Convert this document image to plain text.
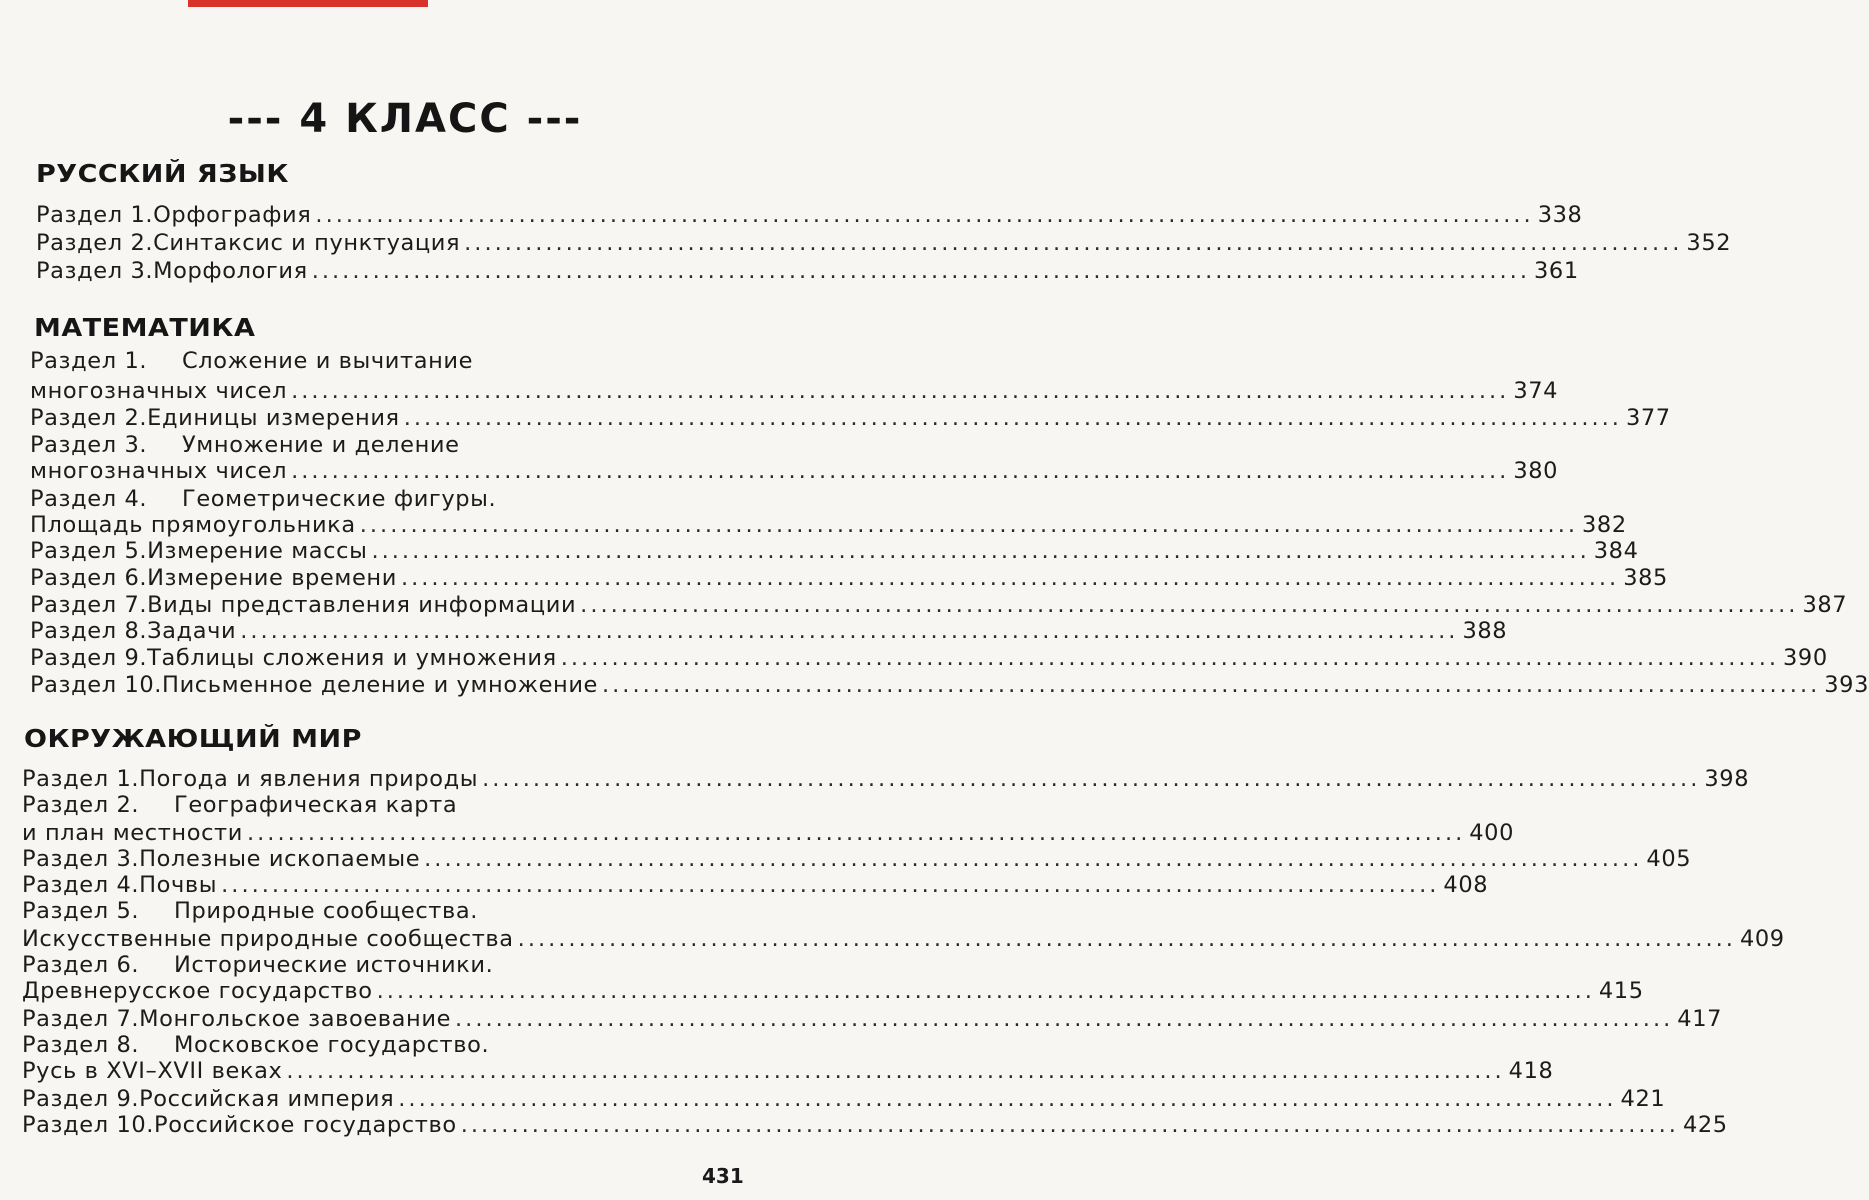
--- 4 КЛАСС ---
РУССКИЙ ЯЗЫК
Раздел 1. Орфография ........................................................................................................................ 338
Раздел 2. Синтаксис и пунктуация ........................................................................................................................ 352
Раздел 3. Морфология ........................................................................................................................ 361
МАТЕМАТИКА
Раздел 1.	Сложение и вычитание
многозначных чисел ........................................................................................................................ 374
Раздел 2. Единицы измерения ........................................................................................................................ 377
Раздел 3.	Умножение и деление
многозначных чисел ........................................................................................................................ 380
Раздел 4.	Геометрические фигуры.
Площадь прямоугольника ........................................................................................................................ 382
Раздел 5. Измерение массы ........................................................................................................................ 384
Раздел 6. Измерение времени ........................................................................................................................ 385
Раздел 7. Виды представления информации ........................................................................................................................ 387
Раздел 8. Задачи ........................................................................................................................ 388
Раздел 9. Таблицы сложения и умножения ........................................................................................................................ 390
Раздел 10. Письменное деление и умножение ........................................................................................................................ 393
ОКРУЖАЮЩИЙ МИР
Раздел 1. Погода и явления природы ........................................................................................................................ 398
Раздел 2.	Географическая карта
и план местности ........................................................................................................................ 400
Раздел 3. Полезные ископаемые ........................................................................................................................ 405
Раздел 4. Почвы ........................................................................................................................ 408
Раздел 5.	Природные сообщества.
Искусственные природные сообщества ........................................................................................................................ 409
Раздел 6.	Исторические источники.
Древнерусское государство ........................................................................................................................ 415
Раздел 7. Монгольское завоевание ........................................................................................................................ 417
Раздел 8.	Московское государство.
Русь в XVI–XVII веках ........................................................................................................................ 418
Раздел 9. Российская империя ........................................................................................................................ 421
Раздел 10. Российское государство ........................................................................................................................ 425
431
